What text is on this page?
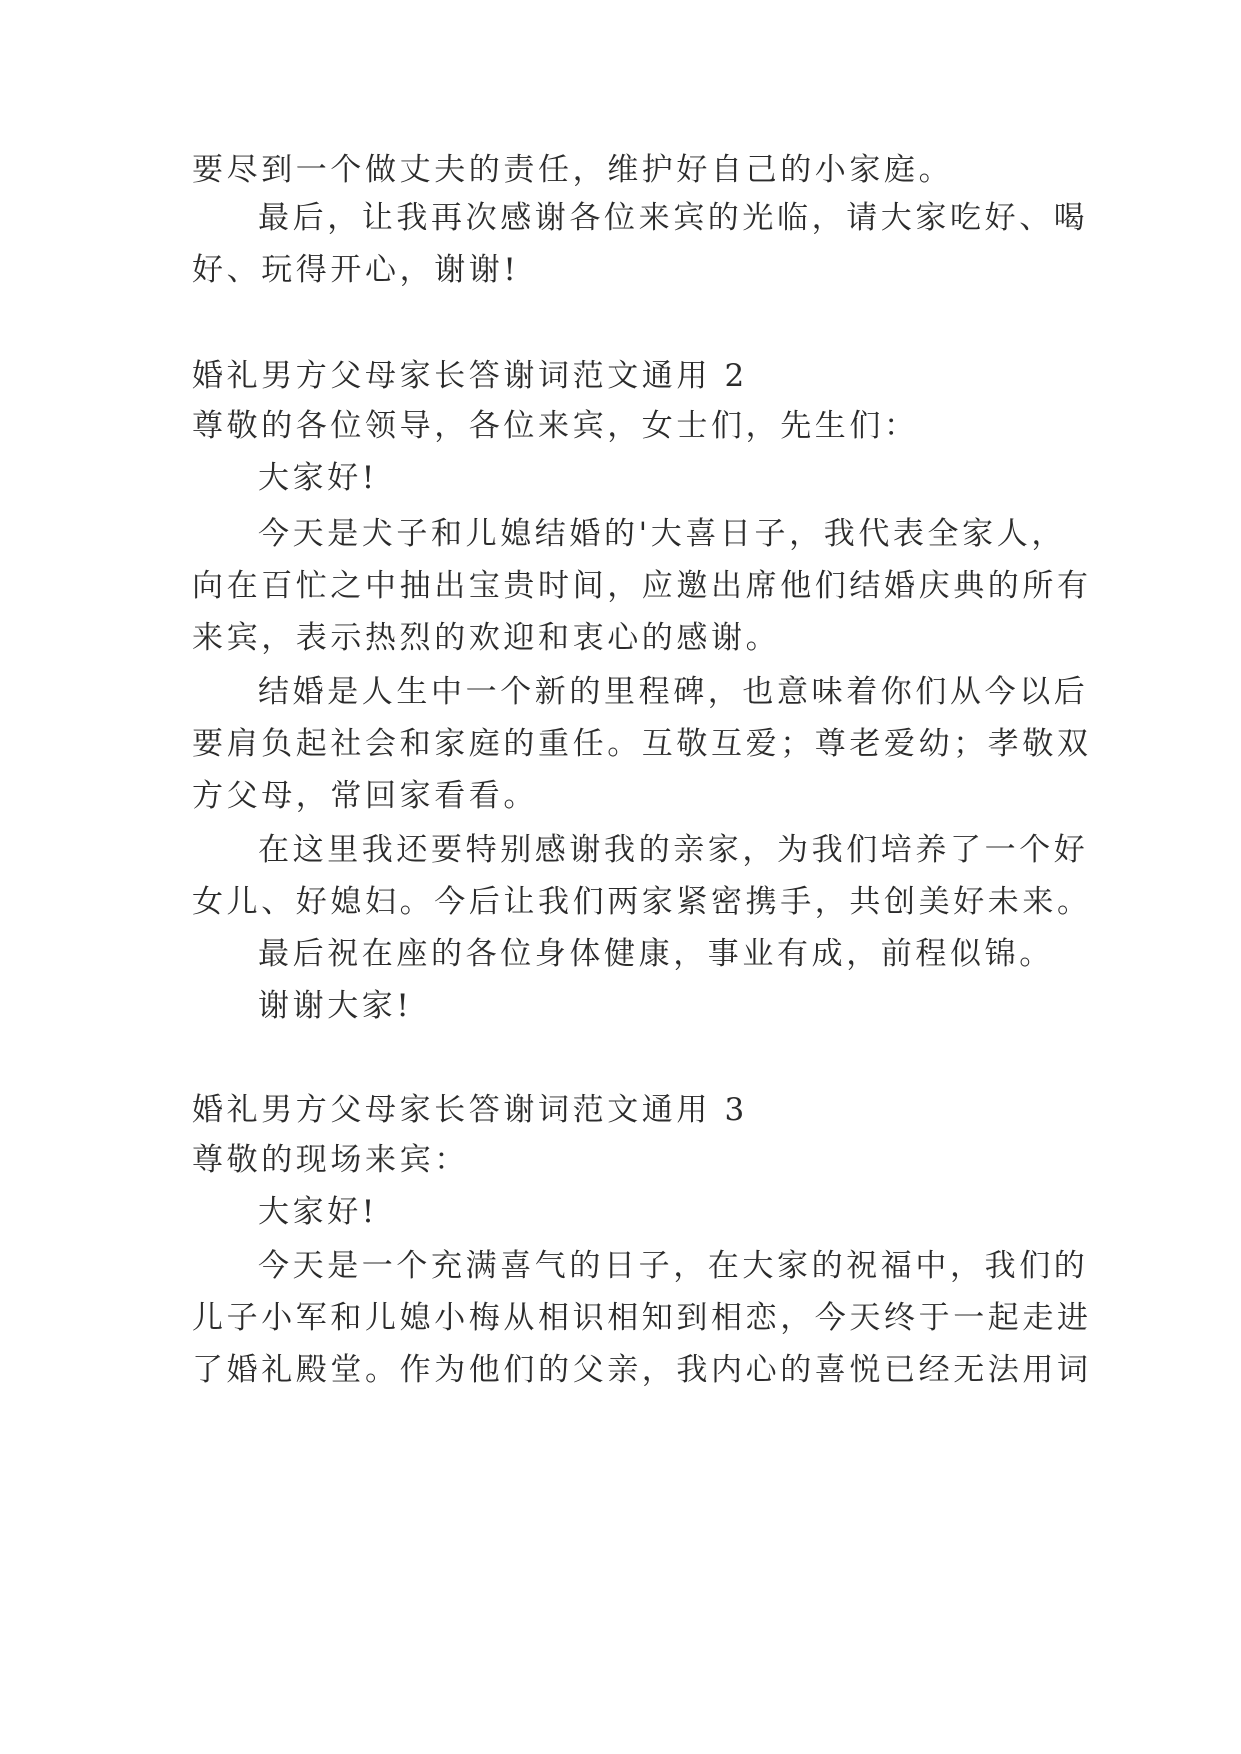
要尽到一个做丈夫的责任，维护好自己的小家庭。
最后，让我再次感谢各位来宾的光临，请大家吃好、喝
好、玩得开心，谢谢!
婚礼男方父母家长答谢词范文通用 2
尊敬的各位领导，各位来宾，女士们，先生们：
大家好!
今天是犬子和儿媳结婚的'大喜日子，我代表全家人，
向在百忙之中抽出宝贵时间，应邀出席他们结婚庆典的所有
来宾，表示热烈的欢迎和衷心的感谢。
结婚是人生中一个新的里程碑，也意味着你们从今以后
要肩负起社会和家庭的重任。互敬互爱；尊老爱幼；孝敬双
方父母，常回家看看。
在这里我还要特别感谢我的亲家，为我们培养了一个好
女儿、好媳妇。今后让我们两家紧密携手，共创美好未来。
最后祝在座的各位身体健康，事业有成，前程似锦。
谢谢大家!
婚礼男方父母家长答谢词范文通用 3
尊敬的现场来宾：
大家好!
今天是一个充满喜气的日子，在大家的祝福中，我们的
儿子小军和儿媳小梅从相识相知到相恋，今天终于一起走进
了婚礼殿堂。作为他们的父亲，我内心的喜悦已经无法用词
